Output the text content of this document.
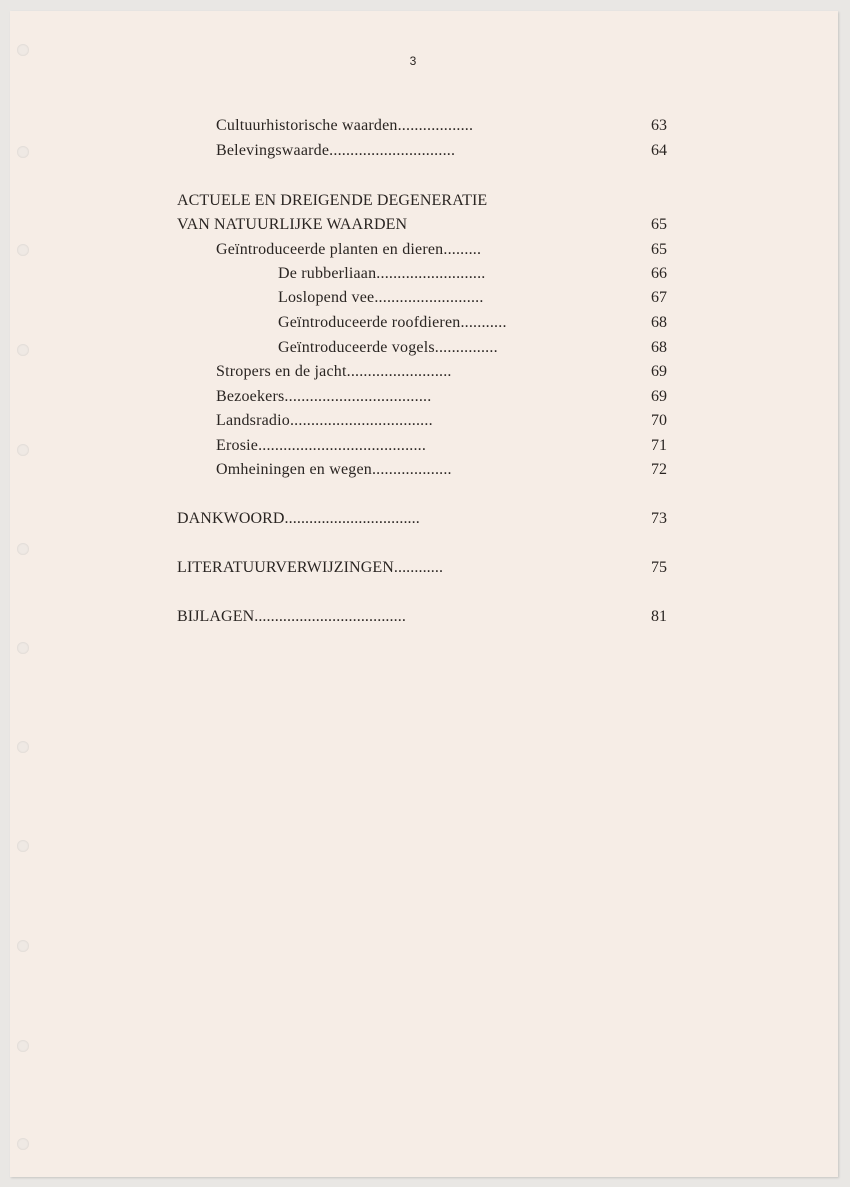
3
Cultuurhistorische waarden..................	63
Belevingswaarde..............................	64
ACTUELE EN DREIGENDE DEGENERATIE
VAN NATUURLIJKE WAARDEN	65
Geïntroduceerde planten en dieren.........	65
De rubberliaan..........................	66
Loslopend vee..........................	67
Geïntroduceerde roofdieren...........	68
Geïntroduceerde vogels...............	68
Stropers en de jacht.........................	69
Bezoekers...................................	69
Landsradio..................................	70
Erosie........................................	71
Omheiningen en wegen...................	72
DANKWOORD.................................	73
LITERATUURVERWIJZINGEN............	75
BIJLAGEN.....................................	81
